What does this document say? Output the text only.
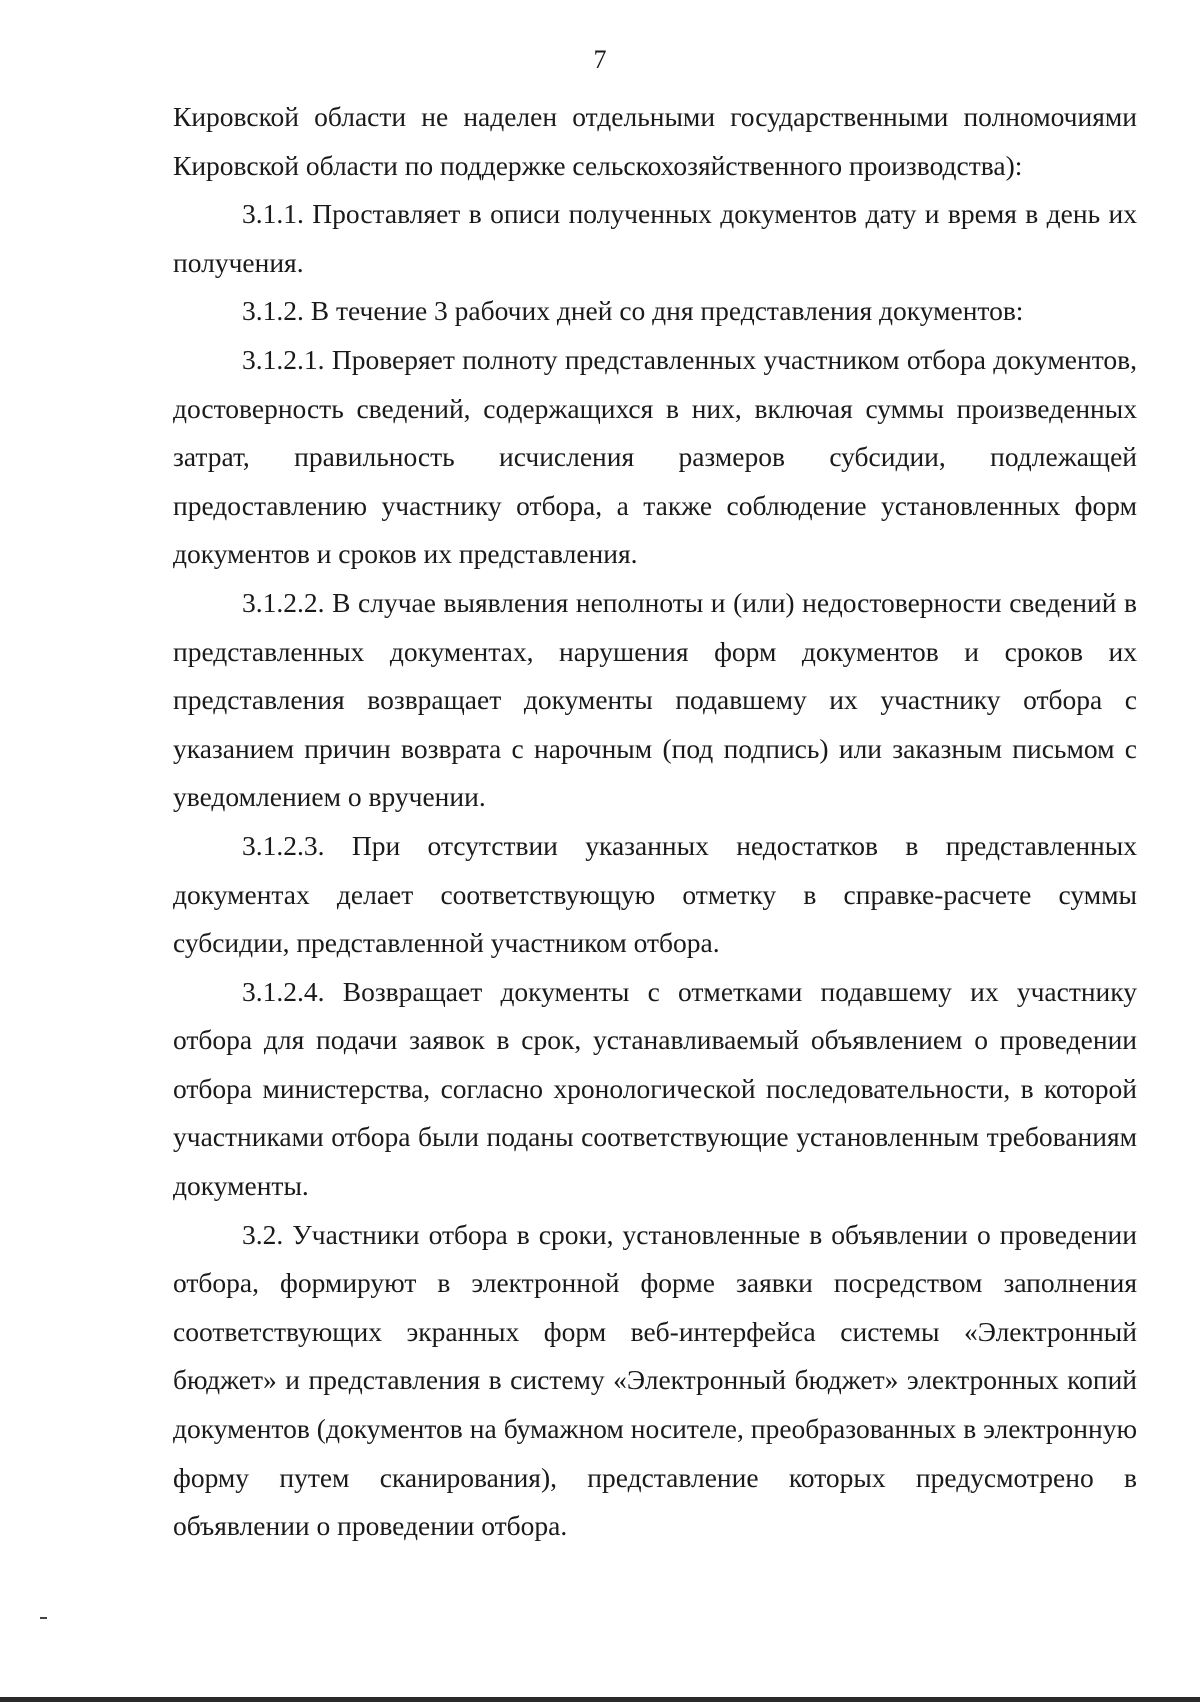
7

Кировской области не наделен отдельными государственными полномочиями Кировской области по поддержке сельскохозяйственного производства):

3.1.1. Проставляет в описи полученных документов дату и время в день их получения.

3.1.2. В течение 3 рабочих дней со дня представления документов:

3.1.2.1. Проверяет полноту представленных участником отбора документов, достоверность сведений, содержащихся в них, включая суммы произведенных затрат, правильность исчисления размеров субсидии, подлежащей предоставлению участнику отбора, а также соблюдение установленных форм документов и сроков их представления.

3.1.2.2. В случае выявления неполноты и (или) недостоверности сведений в представленных документах, нарушения форм документов и сроков их представления возвращает документы подавшему их участнику отбора с указанием причин возврата с нарочным (под подпись) или заказным письмом с уведомлением о вручении.

3.1.2.3. При отсутствии указанных недостатков в представленных документах делает соответствующую отметку в справке-расчете суммы субсидии, представленной участником отбора.

3.1.2.4. Возвращает документы с отметками подавшему их участнику отбора для подачи заявок в срок, устанавливаемый объявлением о проведении отбора министерства, согласно хронологической последовательности, в которой участниками отбора были поданы соответствующие установленным требованиям документы.

3.2. Участники отбора в сроки, установленные в объявлении о проведении отбора, формируют в электронной форме заявки посредством заполнения соответствующих экранных форм веб-интерфейса системы «Электронный бюджет» и представления в систему «Электронный бюджет» электронных копий документов (документов на бумажном носителе, преобразованных в электронную форму путем сканирования), представление которых предусмотрено в объявлении о проведении отбора.
